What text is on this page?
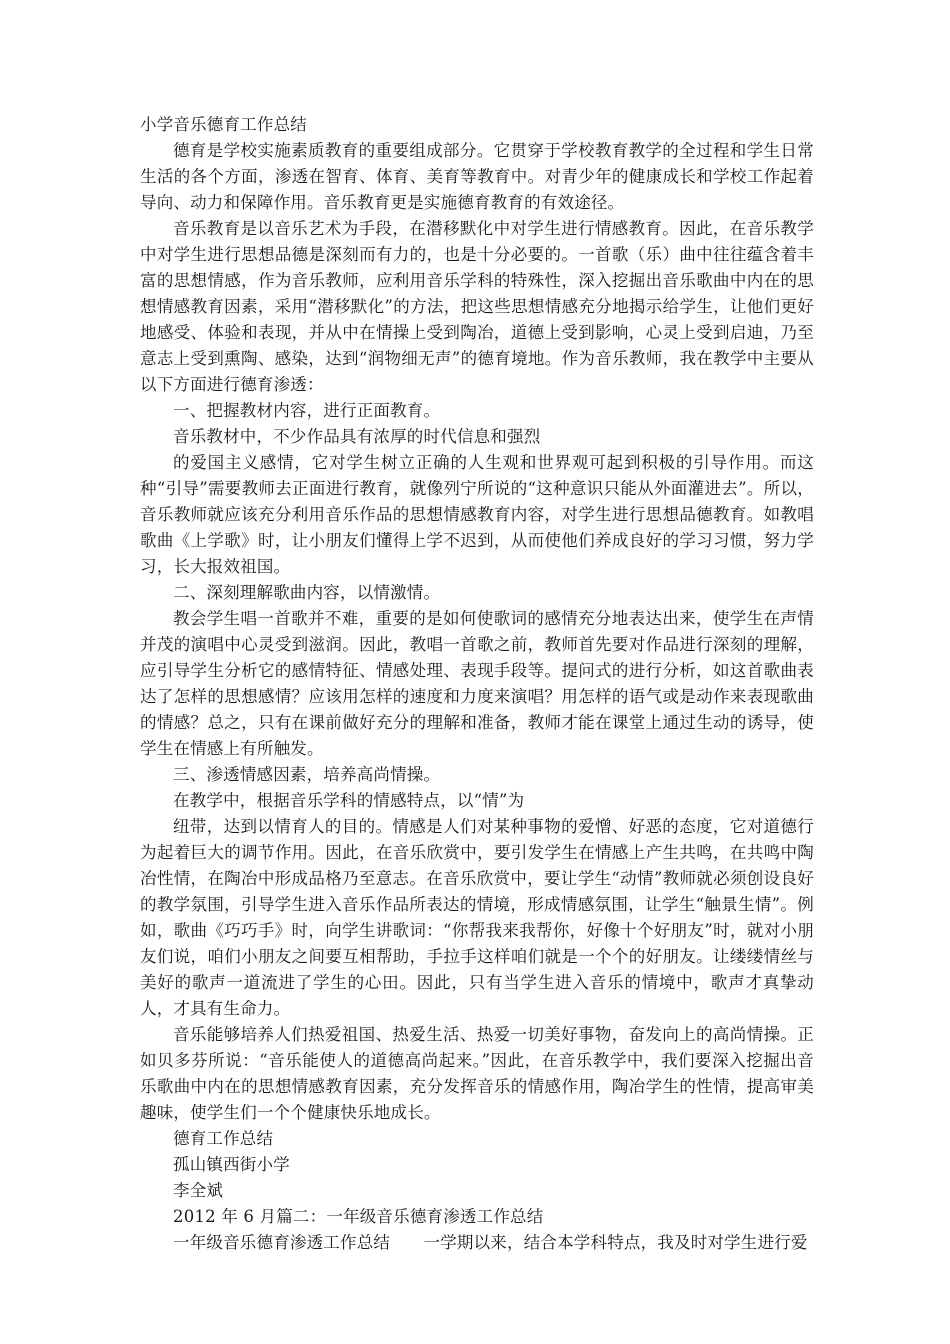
小学音乐德育工作总结

德育是学校实施素质教育的重要组成部分。它贯穿于学校教育教学的全过程和学生日常生活的各个方面，渗透在智育、体育、美育等教育中。对青少年的健康成长和学校工作起着导向、动力和保障作用。音乐教育更是实施德育教育的有效途径。

音乐教育是以音乐艺术为手段，在潜移默化中对学生进行情感教育。因此，在音乐教学中对学生进行思想品德是深刻而有力的，也是十分必要的。一首歌（乐）曲中往往蕴含着丰富的思想情感，作为音乐教师，应利用音乐学科的特殊性，深入挖掘出音乐歌曲中内在的思想情感教育因素，采用“潜移默化”的方法，把这些思想情感充分地揭示给学生，让他们更好地感受、体验和表现，并从中在情操上受到陶冶，道德上受到影响，心灵上受到启迪，乃至意志上受到熏陶、感染，达到“润物细无声”的德育境地。作为音乐教师，我在教学中主要从以下方面进行德育渗透：

一、把握教材内容，进行正面教育。

音乐教材中，不少作品具有浓厚的时代信息和强烈

的爱国主义感情，它对学生树立正确的人生观和世界观可起到积极的引导作用。而这种“引导”需要教师去正面进行教育，就像列宁所说的“这种意识只能从外面灌进去”。所以，音乐教师就应该充分利用音乐作品的思想情感教育内容，对学生进行思想品德教育。如教唱歌曲《上学歌》时，让小朋友们懂得上学不迟到，从而使他们养成良好的学习习惯，努力学习，长大报效祖国。

二、深刻理解歌曲内容，以情激情。

教会学生唱一首歌并不难，重要的是如何使歌词的感情充分地表达出来，使学生在声情并茂的演唱中心灵受到滋润。因此，教唱一首歌之前，教师首先要对作品进行深刻的理解，应引导学生分析它的感情特征、情感处理、表现手段等。提问式的进行分析，如这首歌曲表达了怎样的思想感情？应该用怎样的速度和力度来演唱？用怎样的语气或是动作来表现歌曲的情感？总之，只有在课前做好充分的理解和准备，教师才能在课堂上通过生动的诱导，使学生在情感上有所触发。

三、渗透情感因素，培养高尚情操。

在教学中，根据音乐学科的情感特点，以“情”为

纽带，达到以情育人的目的。情感是人们对某种事物的爱憎、好恶的态度，它对道德行为起着巨大的调节作用。因此，在音乐欣赏中，要引发学生在情感上产生共鸣，在共鸣中陶冶性情，在陶冶中形成品格乃至意志。在音乐欣赏中，要让学生“动情”教师就必须创设良好的教学氛围，引导学生进入音乐作品所表达的情境，形成情感氛围，让学生“触景生情”。例如，歌曲《巧巧手》时，向学生讲歌词：“你帮我来我帮你，好像十个好朋友”时，就对小朋友们说，咱们小朋友之间要互相帮助，手拉手这样咱们就是一个个的好朋友。让缕缕情丝与美好的歌声一道流进了学生的心田。因此，只有当学生进入音乐的情境中，歌声才真挚动人，才具有生命力。

音乐能够培养人们热爱祖国、热爱生活、热爱一切美好事物，奋发向上的高尚情操。正如贝多芬所说：“音乐能使人的道德高尚起来。”因此，在音乐教学中，我们要深入挖掘出音乐歌曲中内在的思想情感教育因素，充分发挥音乐的情感作用，陶冶学生的性情，提高审美趣味，使学生们一个个健康快乐地成长。

德育工作总结

孤山镇西街小学

李全斌

2012 年 6 月篇二：一年级音乐德育渗透工作总结

一年级音乐德育渗透工作总结　　一学期以来，结合本学科特点，我及时对学生进行爱
